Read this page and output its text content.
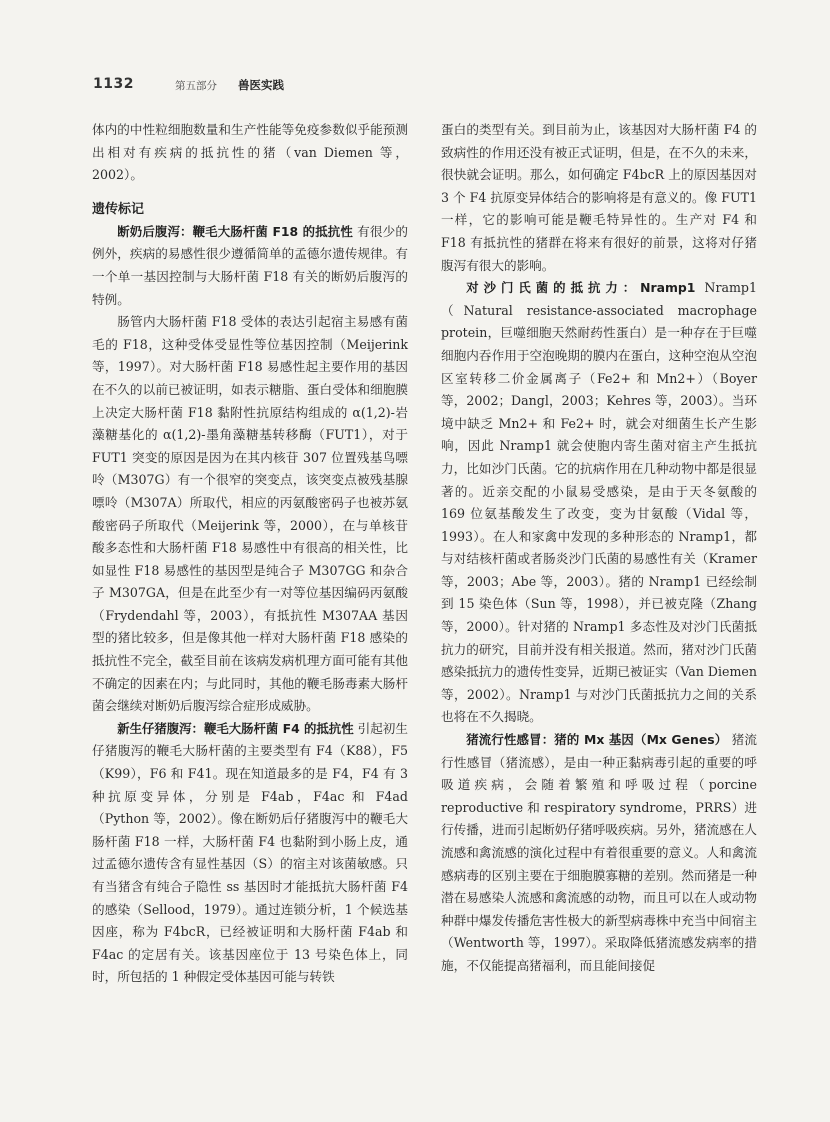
1132	第五部分 兽医实践

体内的中性粒细胞数量和生产性能等免疫参数似乎能预测出相对有疾病的抵抗性的猪（van Diemen 等，2002）。

遗传标记

断奶后腹泻：鞭毛大肠杆菌 F18 的抵抗性 有很少的例外，疾病的易感性很少遵循简单的孟德尔遗传规律。有一个单一基因控制与大肠杆菌 F18 有关的断奶后腹泻的特例。

肠管内大肠杆菌 F18 受体的表达引起宿主易感有菌毛的 F18，这种受体受显性等位基因控制（Meijerink 等，1997）。对大肠杆菌 F18 易感性起主要作用的基因在不久的以前已被证明，如表示糖脂、蛋白受体和细胞膜上决定大肠杆菌 F18 黏附性抗原结构组成的 α(1,2)-岩藻糖基化的 α(1,2)-墨角藻糖基转移酶（FUT1），对于 FUT1 突变的原因是因为在其内核苷 307 位置残基鸟嘌呤（M307G）有一个很窄的突变点，该突变点被残基腺嘌呤（M307A）所取代，相应的丙氨酸密码子也被苏氨酸密码子所取代（Meijerink 等，2000），在与单核苷酸多态性和大肠杆菌 F18 易感性中有很高的相关性，比如显性 F18 易感性的基因型是纯合子 M307GG 和杂合子 M307GA，但是在此至少有一对等位基因编码丙氨酸（Frydendahl 等，2003），有抵抗性 M307AA 基因型的猪比较多，但是像其他一样对大肠杆菌 F18 感染的抵抗性不完全，截至目前在该病发病机理方面可能有其他不确定的因素在内；与此同时，其他的鞭毛肠毒素大肠杆菌会继续对断奶后腹泻综合症形成威胁。

新生仔猪腹泻：鞭毛大肠杆菌 F4 的抵抗性 引起初生仔猪腹泻的鞭毛大肠杆菌的主要类型有 F4（K88），F5（K99），F6 和 F41。现在知道最多的是 F4，F4 有 3 种抗原变异体，分别是 F4ab，F4ac 和 F4ad（Python 等，2002）。像在断奶后仔猪腹泻中的鞭毛大肠杆菌 F18 一样，大肠杆菌 F4 也黏附到小肠上皮，通过孟德尔遗传含有显性基因（S）的宿主对该菌敏感。只有当猪含有纯合子隐性 ss 基因时才能抵抗大肠杆菌 F4 的感染（Sellood，1979）。通过连锁分析，1 个候选基因座，称为 F4bcR，已经被证明和大肠杆菌 F4ab 和 F4ac 的定居有关。该基因座位于 13 号染色体上，同时，所包括的 1 种假定受体基因可能与转铁

蛋白的类型有关。到目前为止，该基因对大肠杆菌 F4 的致病性的作用还没有被正式证明，但是，在不久的未来，很快就会证明。那么，如何确定 F4bcR 上的原因基因对 3 个 F4 抗原变异体结合的影响将是有意义的。像 FUT1 一样，它的影响可能是鞭毛特异性的。生产对 F4 和 F18 有抵抗性的猪群在将来有很好的前景，这将对仔猪腹泻有很大的影响。

对沙门氏菌的抵抗力：Nramp1 Nramp1（Natural resistance-associated macrophage protein，巨噬细胞天然耐药性蛋白）是一种存在于巨噬细胞内吞作用于空泡晚期的膜内在蛋白，这种空泡从空泡区室转移二价金属离子（Fe2+ 和 Mn2+）（Boyer 等，2002；Dangl，2003；Kehres 等，2003）。当环境中缺乏 Mn2+ 和 Fe2+ 时，就会对细菌生长产生影响，因此 Nramp1 就会使胞内寄生菌对宿主产生抵抗力，比如沙门氏菌。它的抗病作用在几种动物中都是很显著的。近亲交配的小鼠易受感染，是由于天冬氨酸的 169 位氨基酸发生了改变，变为甘氨酸（Vidal 等，1993）。在人和家禽中发现的多种形态的 Nramp1，都与对结核杆菌或者肠炎沙门氏菌的易感性有关（Kramer 等，2003；Abe 等，2003）。猪的 Nramp1 已经绘制到 15 染色体（Sun 等，1998），并已被克隆（Zhang 等，2000）。针对猪的 Nramp1 多态性及对沙门氏菌抵抗力的研究，目前并没有相关报道。然而，猪对沙门氏菌感染抵抗力的遗传性变异，近期已被证实（Van Diemen 等，2002）。Nramp1 与对沙门氏菌抵抗力之间的关系也将在不久揭晓。

猪流行性感冒：猪的 Mx 基因（Mx Genes） 猪流行性感冒（猪流感），是由一种正黏病毒引起的重要的呼吸道疾病，会随着繁殖和呼吸过程（porcine reproductive 和 respiratory syndrome，PRRS）进行传播，进而引起断奶仔猪呼吸疾病。另外，猪流感在人流感和禽流感的演化过程中有着很重要的意义。人和禽流感病毒的区别主要在于细胞膜寡糖的差别。然而猪是一种潜在易感染人流感和禽流感的动物，而且可以在人或动物种群中爆发传播危害性极大的新型病毒株中充当中间宿主（Wentworth 等，1997）。采取降低猪流感发病率的措施，不仅能提高猪福利，而且能间接促
